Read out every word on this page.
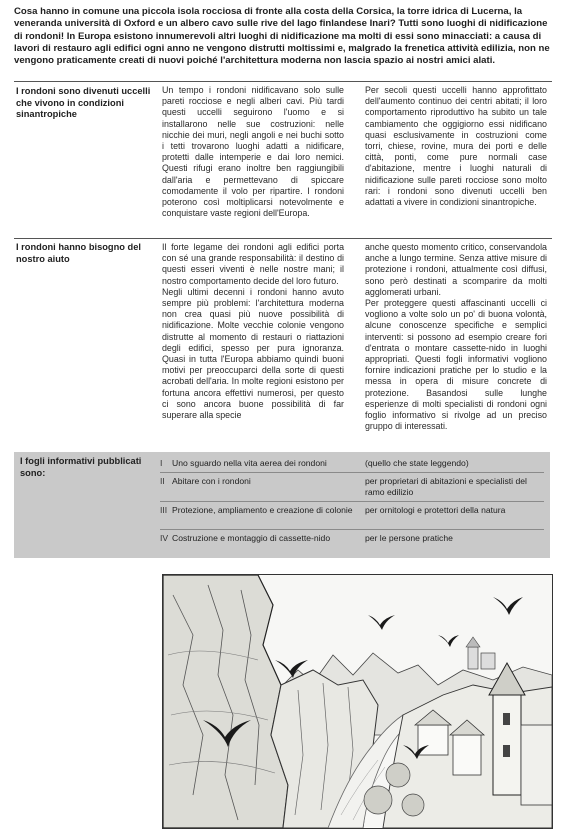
Cosa hanno in comune una piccola isola rocciosa di fronte alla costa della Corsica, la torre idrica di Lucerna, la veneranda università di Oxford e un albero cavo sulle rive del lago finlandese Inari? Tutti sono luoghi di nidificazione di rondoni! In Europa esistono innumerevoli altri luoghi di nidificazione ma molti di essi sono minacciati: a causa di lavori di restauro agli edifici ogni anno ne vengono distrutti moltissimi e, malgrado la frenetica attività edilizia, non ne vengono praticamente creati di nuovi poiché l'architettura moderna non lascia spazio ai nostri amici alati.
I rondoni sono divenuti uccelli che vivono in condizioni sinantropiche

Un tempo i rondoni nidificavano solo sulle pareti rocciose e negli alberi cavi. Più tardi questi uccelli seguirono l'uomo e si installarono nelle sue costruzioni: nelle nicchie dei muri, negli angoli e nei buchi sotto i tetti trovarono luoghi adatti a nidificare, protetti dalle intemperie e dai loro nemici. Questi rifugi erano inoltre ben raggiungibili dall'aria e permettevano di spiccare comodamente il volo per ripartire. I rondoni poterono così moltiplicarsi notevolmente e conquistare vaste regioni dell'Europa.

Per secoli questi uccelli hanno approfittato dell'aumento continuo dei centri abitati; il loro comportamento riproduttivo ha subito un tale cambiamento che oggigiorno essi nidificano quasi esclusivamente in costruzioni come torri, chiese, rovine, mura dei porti e delle città, ponti, come pure normali case d'abitazione, mentre i luoghi naturali di nidificazione sulle pareti rocciose sono molto rari: i rondoni sono divenuti uccelli ben adattati a vivere in condizioni sinantropiche.

I rondoni hanno bisogno del nostro aiuto

Il forte legame dei rondoni agli edifici porta con sé una grande responsabilità: il destino di questi esseri viventi è nelle nostre mani; il nostro comportamento decide del loro futuro.
Negli ultimi decenni i rondoni hanno avuto sempre più problemi: l'architettura moderna non crea quasi più nuove possibilità di nidificazione. Molte vecchie colonie vengono distrutte al momento di restauri o riattazioni degli edifici, spesso per pura ignoranza. Quasi in tutta l'Europa abbiamo quindi buoni motivi per preoccuparci della sorte di questi acrobati dell'aria. In molte regioni esistono per fortuna ancora effettivi numerosi, per questo ci sono ancora buone possibilità di far superare alla specie

anche questo momento critico, conservandola anche a lungo termine. Senza attive misure di protezione i rondoni, attualmente così diffusi, sono però destinati a scomparire da molti agglomerati urbani.
Per proteggere questi affascinanti uccelli ci vogliono a volte solo un po' di buona volontà, alcune conoscenze specifiche e semplici interventi: si possono ad esempio creare fori d'entrata o montare cassette-nido in luoghi appropriati. Questi fogli informativi vogliono fornire indicazioni pratiche per lo studio e la messa in opera di misure concrete di protezione. Basandosi sulle lunghe esperienze di molti specialisti di rondoni ogni foglio informativo si rivolge ad un preciso gruppo di interessati.

I fogli informativi pubblicati sono:
I Uno sguardo nella vita aerea dei rondoni	(quello che state leggendo)
II Abitare con i rondoni	per proprietari di abitazioni e specialisti del ramo edilizio
III Protezione, ampliamento e creazione di colonie	per ornitologi e protettori della natura
IV Costruzione e montaggio di cassette-nido	per le persone pratiche
